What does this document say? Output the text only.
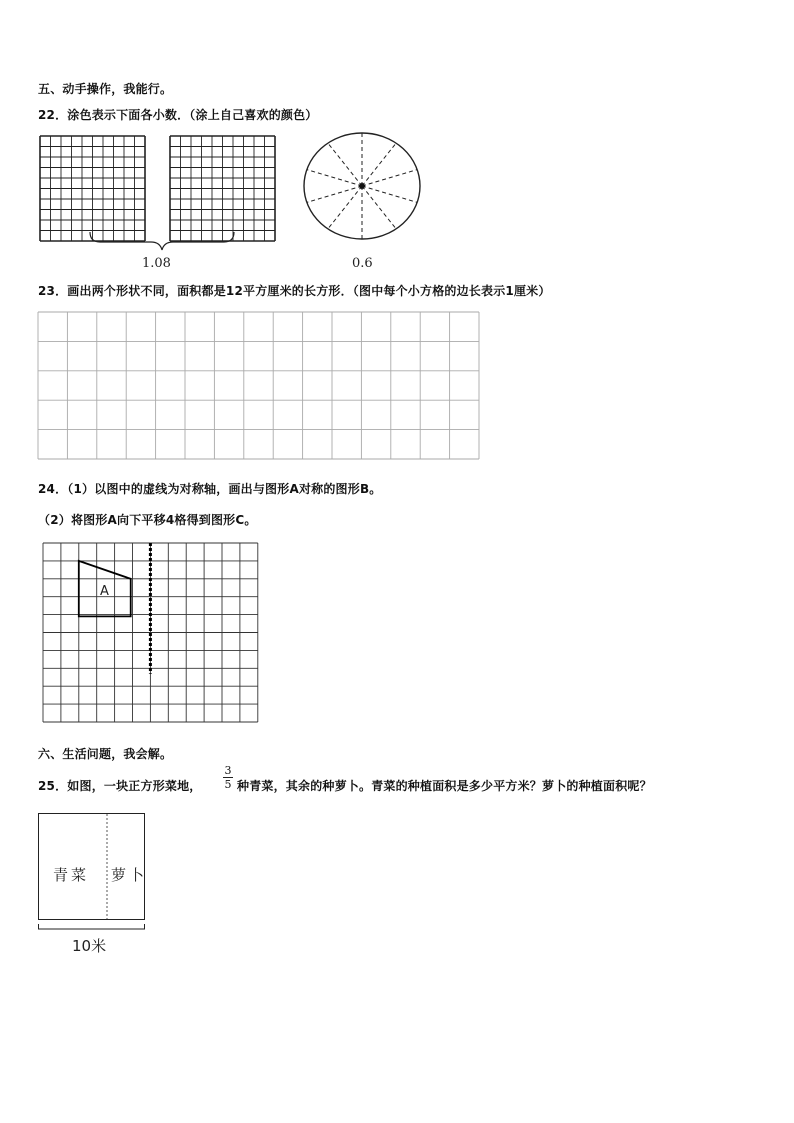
五、动手操作，我能行。
22．涂色表示下面各小数．（涂上自己喜欢的颜色）
1.08	0.6
23．画出两个形状不同，面积都是12平方厘米的长方形．（图中每个小方格的边长表示1厘米）
24．（1）以图中的虚线为对称轴，画出与图形A对称的图形B。
（2）将图形A向下平移4格得到图形C。
A
六、生活问题，我会解。
25．如图，一块正方形菜地，
3
5 种青菜，其余的种萝卜。青菜的种植面积是多少平方米？萝卜的种植面积呢？
青菜 萝卜
10米
